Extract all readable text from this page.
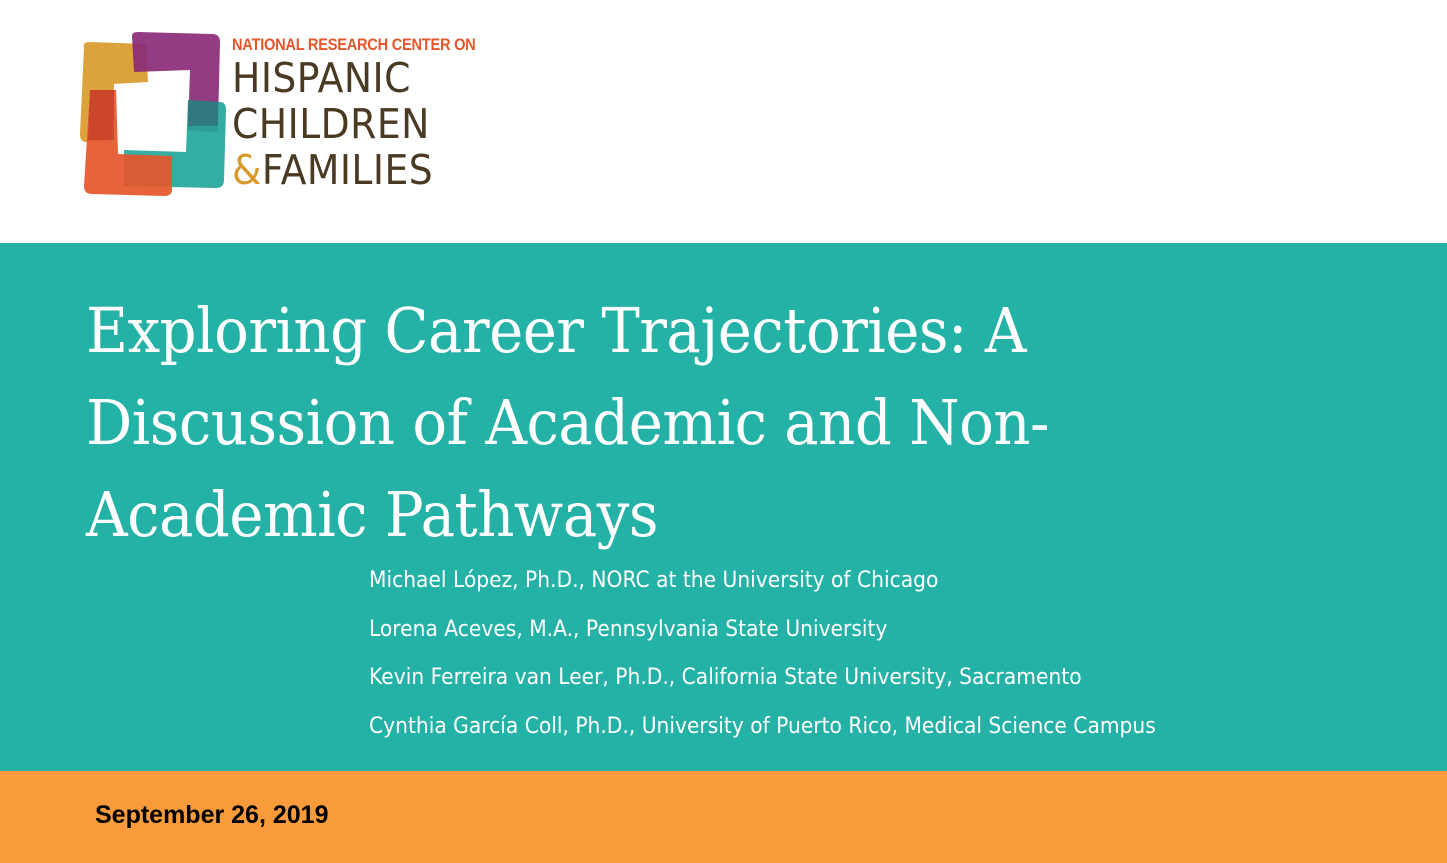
NATIONAL RESEARCH CENTER ON
HISPANIC
CHILDREN
&FAMILIES
Exploring Career Trajectories: A
Discussion of Academic and Non-
Academic Pathways
Michael López, Ph.D., NORC at the University of Chicago
Lorena Aceves, M.A., Pennsylvania State University
Kevin Ferreira van Leer, Ph.D., California State University, Sacramento
Cynthia García Coll, Ph.D., University of Puerto Rico, Medical Science Campus
September 26, 2019
